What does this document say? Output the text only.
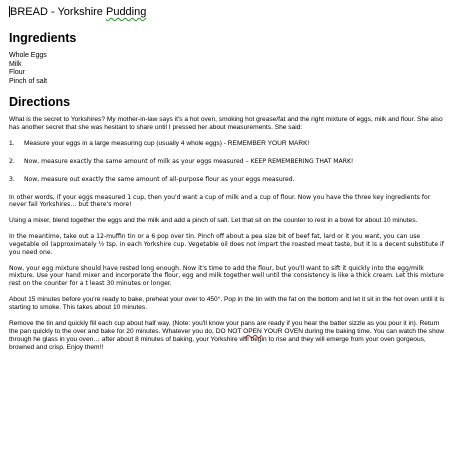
BREAD - Yorkshire Pudding
Ingredients
Whole Eggs
Milk
Flour
Pinch of salt
Directions

What is the secret to Yorkshires? My mother-in-law says it's a hot oven, smoking hot grease/fat and the right mixture of eggs, milk and flour. She also has another secret that she was hesitant to share until I pressed her about measurements. She said:

1. Measure your eggs in a large measuring cup (usually 4 whole eggs) - REMEMBER YOUR MARK!

2. Now, measure exactly the same amount of milk as your eggs measured – KEEP REMEMBERING THAT MARK!

3. Now, measure out exactly the same amount of all-purpose flour as your eggs measured.

In other words, if your eggs measured 1 cup, then you'd want a cup of milk and a cup of flour. Now you have the three key ingredients for never fail Yorkshires… but there's more!

Using a mixer, blend together the eggs and the milk and add a pinch of salt. Let that sit on the counter to rest in a bowl for about 10 minutes.

In the meantime, take out a 12-muffin tin or a 6 pop over tin. Pinch off about a pea size bit of beef fat, lard or it you want, you can use vegetable oil (approximately ½ tsp. in each Yorkshire cup. Vegetable oil does not impart the roasted meat taste, but it is a decent substitute if you need one.

Now, your egg mixture should have rested long enough. Now it's time to add the flour, but you'll want to sift it quickly into the egg/milk mixture. Use your hand mixer and incorporate the flour, egg and milk together well until the consistency is like a thick cream. Let this mixture rest on the counter for a t least 30 minutes or longer.

About 15 minutes before you're ready to bake, preheat your over to 450°. Pop in the tin with the fat on the bottom and let it sit in the hot oven until it is starting to smoke. This takes about 10 minutes.

Remove the tin and quickly fill each cup about half way. (Note: you'll know your pans are ready if you hear the batter sizzle as you pour it in). Return the pan quickly to the over and bake for 20 minutes. Whatever you do, DO NOT OPEN YOUR OVEN during the baking time. You can watch the show through he glass in you oven… after about 8 minutes of baking, your Yorkshire will begin to rise and they will emerge from your oven gorgeous, browned and crisp. Enjoy them!!
